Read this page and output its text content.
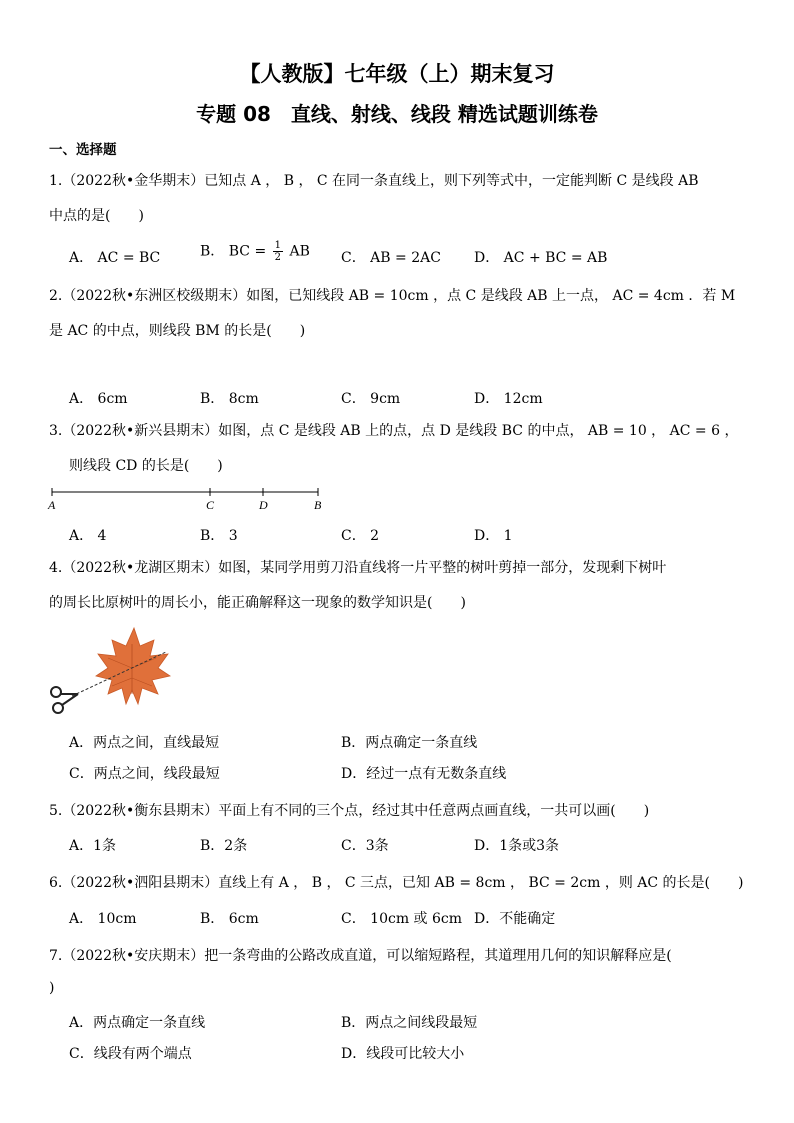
【人教版】七年级（上）期末复习
专题 08　直线、射线、线段 精选试题训练卷
一、选择题
1.（2022秋•金华期末）已知点 A ， B ， C 在同一条直线上，则下列等式中，一定能判断 C 是线段 AB
中点的是(　　)
A． AC = BC	B． BC = $\frac{1}{2}$ AB C． AB = 2AC D． AC + BC = AB
2.（2022秋•东洲区校级期末）如图，已知线段 AB = 10cm ，点 C 是线段 AB 上一点， AC = 4cm ．若 M
是 AC 的中点，则线段 BM 的长是(　　)
A． 6cm	B． 8cm	C． 9cm	D． 12cm
3.（2022秋•新兴县期末）如图，点 C 是线段 AB 上的点，点 D 是线段 BC 的中点， AB = 10 ， AC = 6 ，
则线段 CD 的长是(　　)
A	C	D	B
A． 4	B． 3	C． 2	D． 1
4.（2022秋•龙湖区期末）如图，某同学用剪刀沿直线将一片平整的树叶剪掉一部分，发现剩下树叶
的周长比原树叶的周长小，能正确解释这一现象的数学知识是(　　)
A．两点之间，直线最短	B．两点确定一条直线
C．两点之间，线段最短	D．经过一点有无数条直线
5.（2022秋•衡东县期末）平面上有不同的三个点，经过其中任意两点画直线，一共可以画(　　)
A．1条	B．2条	C．3条	D．1条或3条
6.（2022秋•泗阳县期末）直线上有 A ， B ， C 三点，已知 AB = 8cm ， BC = 2cm ，则 AC 的长是(　　)
A． 10cm	B． 6cm	C． 10cm 或 6cm D．不能确定
7.（2022秋•安庆期末）把一条弯曲的公路改成直道，可以缩短路程，其道理用几何的知识解释应是(
)
A．两点确定一条直线	B．两点之间线段最短
C．线段有两个端点	D．线段可比较大小
